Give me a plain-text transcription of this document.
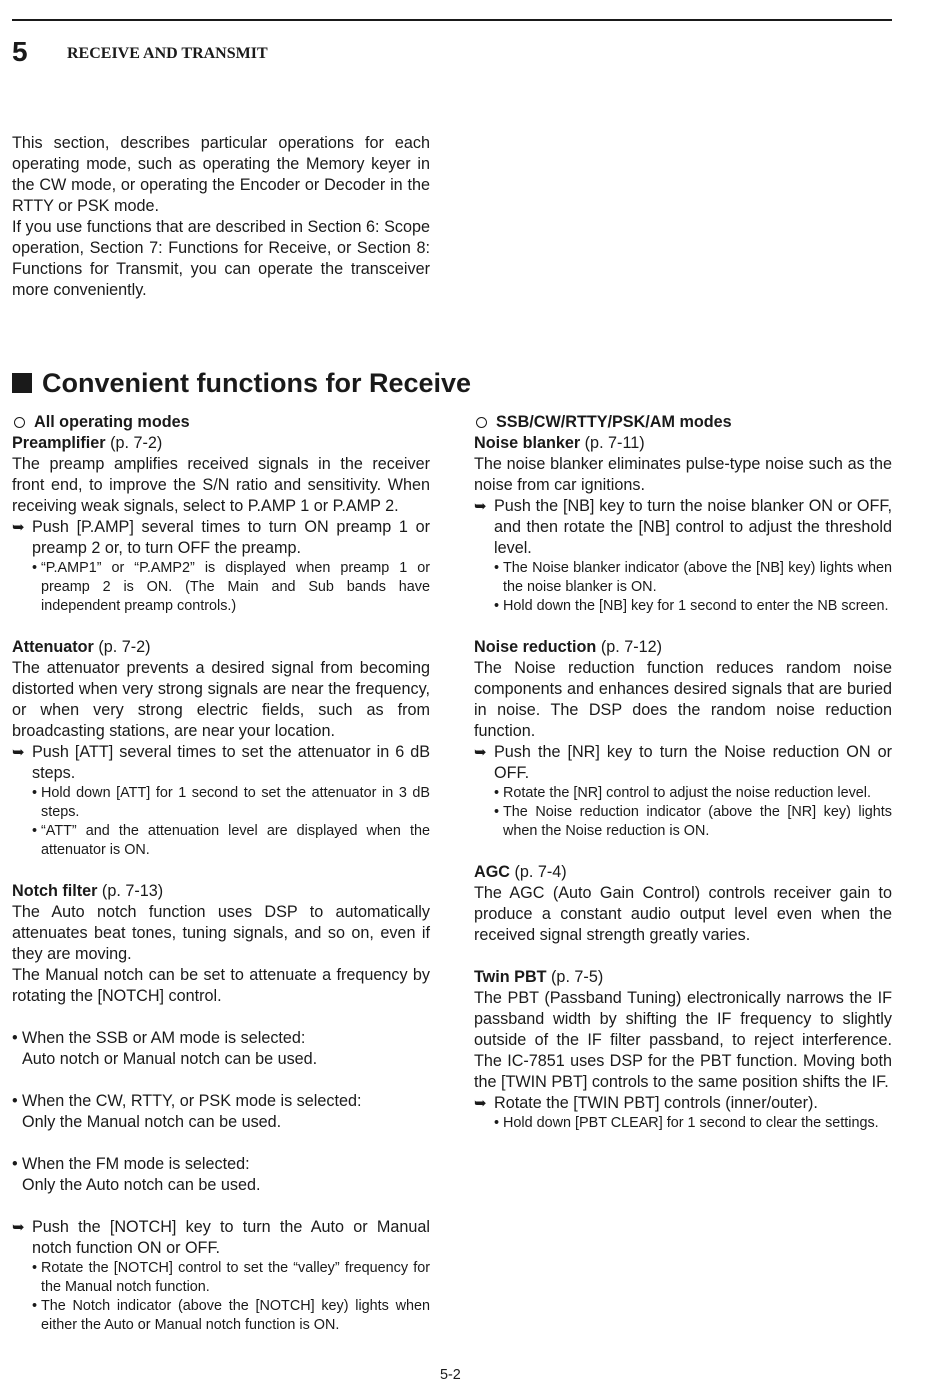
5 RECEIVE AND TRANSMIT

This section, describes particular operations for each operating mode, such as operating the Memory keyer in the CW mode, or operating the Encoder or Decoder in the RTTY or PSK mode.

If you use functions that are described in Section 6: Scope operation, Section 7: Functions for Receive, or Section 8: Functions for Transmit, you can operate the transceiver more conveniently.

Convenient functions for Receive

All operating modes

Preamplifier (p. 7-2)

The preamp amplifies received signals in the receiver front end, to improve the S/N ratio and sensitivity. When receiving weak signals, select to P.AMP 1 or P.AMP 2.

➥ Push [P.AMP] several times to turn ON preamp 1 or preamp 2 or, to turn OFF the preamp.
• “P.AMP1” or “P.AMP2” is displayed when preamp 1 or preamp 2 is ON. (The Main and Sub bands have independent preamp controls.)

Attenuator (p. 7-2)

The attenuator prevents a desired signal from becoming distorted when very strong signals are near the frequency, or when very strong electric fields, such as from broadcasting stations, are near your location.

➥ Push [ATT] several times to set the attenuator in 6 dB steps.
• Hold down [ATT] for 1 second to set the attenuator in 3 dB steps.
• “ATT” and the attenuation level are displayed when the attenuator is ON.

Notch filter (p. 7-13)

The Auto notch function uses DSP to automatically attenuates beat tones, tuning signals, and so on, even if they are moving.

The Manual notch can be set to attenuate a frequency by rotating the [NOTCH] control.

• When the SSB or AM mode is selected:
Auto notch or Manual notch can be used.
• When the CW, RTTY, or PSK mode is selected:
Only the Manual notch can be used.
• When the FM mode is selected:
Only the Auto notch can be used.
➥ Push the [NOTCH] key to turn the Auto or Manual notch function ON or OFF.
• Rotate the [NOTCH] control to set the “valley” frequency for the Manual notch function.
• The Notch indicator (above the [NOTCH] key) lights when either the Auto or Manual notch function is ON.

SSB/CW/RTTY/PSK/AM modes

Noise blanker (p. 7-11)

The noise blanker eliminates pulse-type noise such as the noise from car ignitions.

➥ Push the [NB] key to turn the noise blanker ON or OFF, and then rotate the [NB] control to adjust the threshold level.
• The Noise blanker indicator (above the [NB] key) lights when the noise blanker is ON.
• Hold down the [NB] key for 1 second to enter the NB screen.

Noise reduction (p. 7-12)

The Noise reduction function reduces random noise components and enhances desired signals that are buried in noise. The DSP does the random noise reduction function.

➥ Push the [NR] key to turn the Noise reduction ON or OFF.
• Rotate the [NR] control to adjust the noise reduction level.
• The Noise reduction indicator (above the [NR] key) lights when the Noise reduction is ON.

AGC (p. 7-4)

The AGC (Auto Gain Control) controls receiver gain to produce a constant audio output level even when the received signal strength greatly varies.

Twin PBT (p. 7-5)

The PBT (Passband Tuning) electronically narrows the IF passband width by shifting the IF frequency to slightly outside of the IF filter passband, to reject interference. The IC-7851 uses DSP for the PBT function. Moving both the [TWIN PBT] controls to the same position shifts the IF.

➥ Rotate the [TWIN PBT] controls (inner/outer).
• Hold down [PBT CLEAR] for 1 second to clear the settings.
5-2
